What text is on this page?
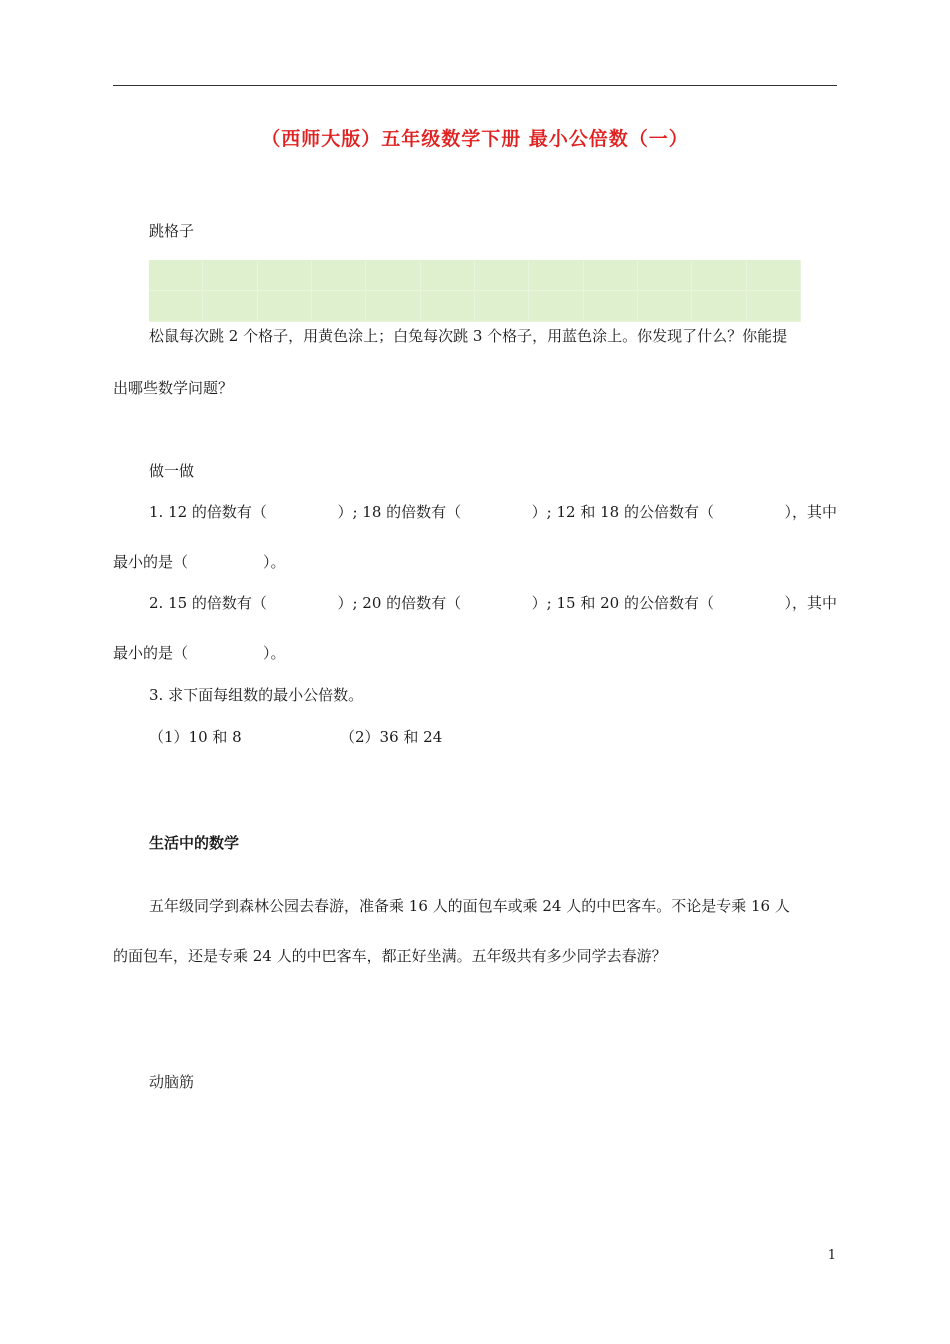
（西师大版）五年级数学下册 最小公倍数（一）
跳格子
松鼠每次跳 2 个格子，用黄色涂上；白兔每次跳 3 个格子，用蓝色涂上。你发现了什么？你能提
出哪些数学问题？
做一做
1. 12 的倍数有（	）; 18 的倍数有（	）; 12 和 18 的公倍数有（	），其中
最小的是（　　　　　）。
2. 15 的倍数有（	）; 20 的倍数有（	）; 15 和 20 的公倍数有（	），其中
最小的是（　　　　　）。
3. 求下面每组数的最小公倍数。
（1）10 和 8	（2）36 和 24
生活中的数学
五年级同学到森林公园去春游，准备乘 16 人的面包车或乘 24 人的中巴客车。不论是专乘 16 人
的面包车，还是专乘 24 人的中巴客车，都正好坐满。五年级共有多少同学去春游？
动脑筋
1
